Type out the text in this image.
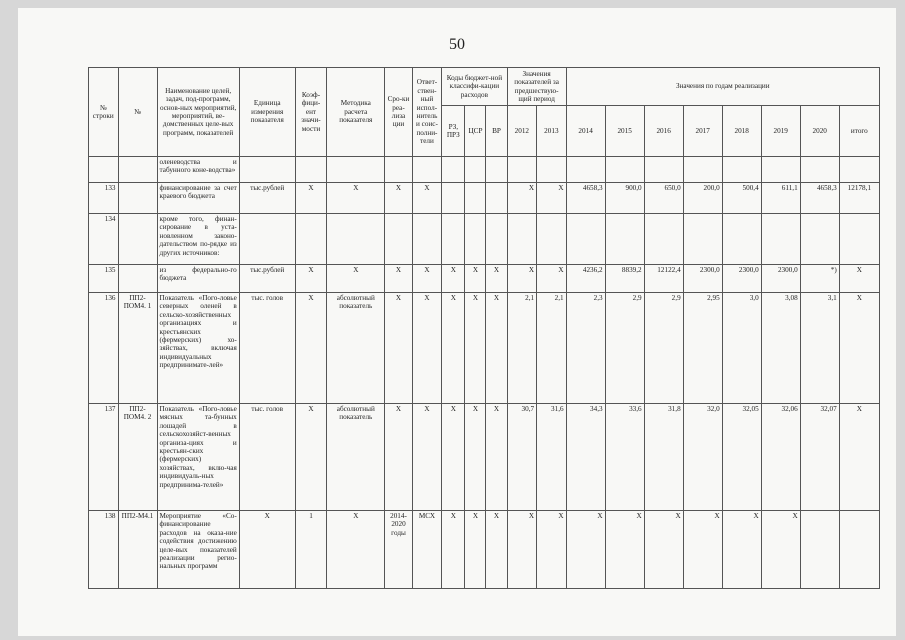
50
№ строки	№	Наименование целей, задач, под-программ, основ-ных мероприятий, мероприятий, ве-домственных целе-вых программ, показателей	Единица измерения показателя	Коэф-фици-ент значи-мости	Методика расчета показателя	Сро-ки реа-лиза ции	Ответ-ствен-ный испол-нитель и соис-полни-тели	Коды бюджет-ной классифи-кации расходов			Значения показателей за предшествую-щий период		Значения по годам реализации							
								РЗ, ПРЗ	ЦСР	ВР	2012	2013	2014	2015	2016	2017	2018	2019	2020	итого
		оленеводства и табунного коне-водства»																		
133		финансирование за счет краевого бюджета	тыс.рублей	X	X	X	X				X	X	4658,3	900,0	650,0	200,0	500,4	611,1	4658,3	12178,1
134		кроме того, финан-сирование в уста-новленном законо-дательством по-рядке из других источников:																		
135		из федерально-го бюджета	тыс.рублей	X	X	X	X	X	X	X	X	X	4236,2	8839,2	12122,4	2300,0	2300,0	2300,0	*)	X
136	ПП2-ПОМ4. 1	Показатель «Пого-ловье северных оленей в сельско-хозяйственных организациях и крестьянских (фермерских) хо-зяйствах, включая индивидуальных предпринимате-лей»	тыс. голов	X	абсолютный показатель	X	X	X	X	X	2,1	2,1	2,3	2,9	2,9	2,95	3,0	3,08	3,1	X
137	ПП2-ПОМ4. 2	Показатель «Пого-ловье мясных та-бунных лошадей в сельскохозяйст-венных организа-циях и крестьян-ских (фермерских) хозяйствах, вклю-чая индивидуаль-ных предпринима-телей»	тыс. голов	X	абсолютный показатель	X	X	X	X	X	30,7	31,6	34,3	33,6	31,8	32,0	32,05	32,06	32,07	X
138	ПП2-М4.1	Мероприятие «Со-финансирование расходов на оказа-ние содействия достижению целе-вых показателей реализации регио-нальных программ	X	1	X	2014-2020 годы	МСХ	X	X	X	X	X	X	X	X	X	X	X		
